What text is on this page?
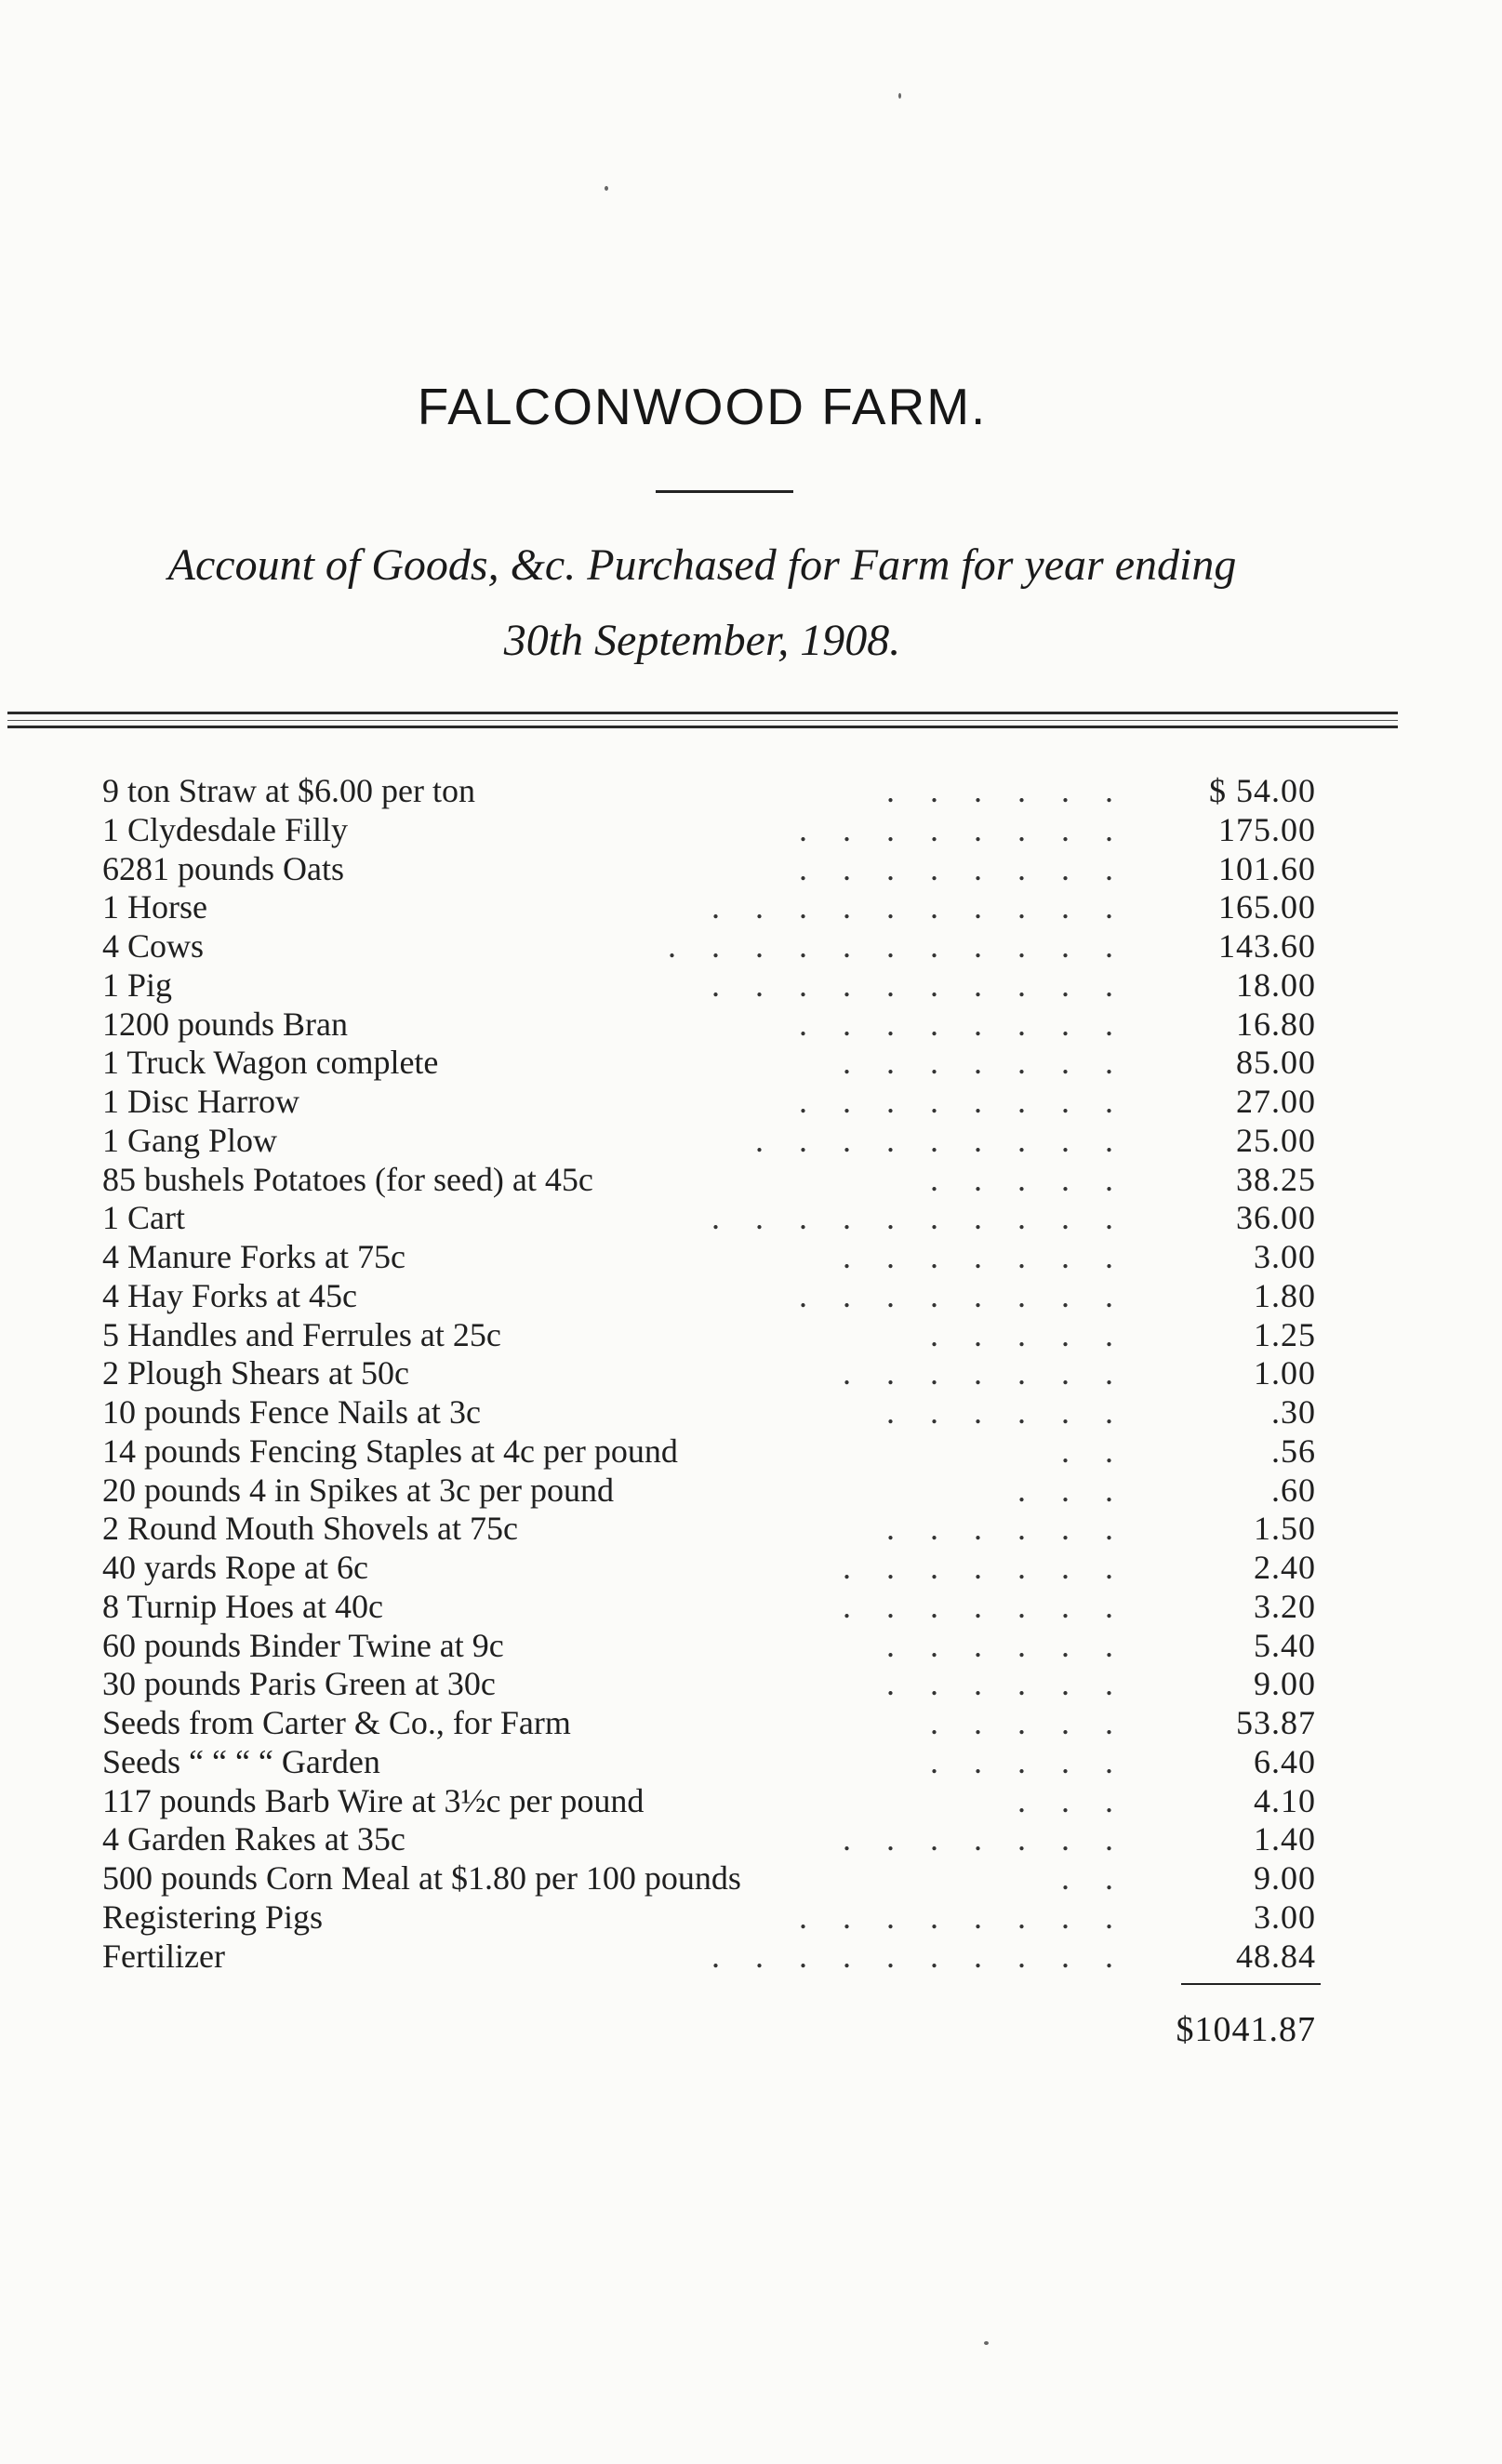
FALCONWOOD FARM.
Account of Goods, &c. Purchased for Farm for year ending
30th September, 1908.
9 ton Straw at $6.00 per ton	...... $ 54.00
1 Clydesdale Filly	........ 175.00
6281 pounds Oats	........ 101.60
1 Horse	.......... 165.00
4 Cows	........... 143.60
1 Pig	..........	18.00
1200 pounds Bran	........	16.80
1 Truck Wagon complete	.......	85.00
1 Disc Harrow	........	27.00
1 Gang Plow	.........	25.00
85 bushels Potatoes (for seed) at 45c	.....	38.25
1 Cart	..........	36.00
4 Manure Forks at 75c	.......	3.00
4 Hay Forks at 45c	........	1.80
5 Handles and Ferrules at 25c	.....	1.25
2 Plough Shears at 50c	.......	1.00
10 pounds Fence Nails at 3c	......	.30
14 pounds Fencing Staples at 4c per pound	..	.56
20 pounds 4 in Spikes at 3c per pound	...	.60
2 Round Mouth Shovels at 75c	......	1.50
40 yards Rope at 6c	.......	2.40
8 Turnip Hoes at 40c	.......	3.20
60 pounds Binder Twine at 9c	......	5.40
30 pounds Paris Green at 30c	......	9.00
Seeds from Carter & Co., for Farm	.....	53.87
Seeds “ “ “ “ Garden	.....	6.40
117 pounds Barb Wire at 3½c per pound	...	4.10
4 Garden Rakes at 35c	.......	1.40
500 pounds Corn Meal at $1.80 per 100 pounds	..	9.00
Registering Pigs	........	3.00
Fertilizer	..........	48.84
$1041.87
